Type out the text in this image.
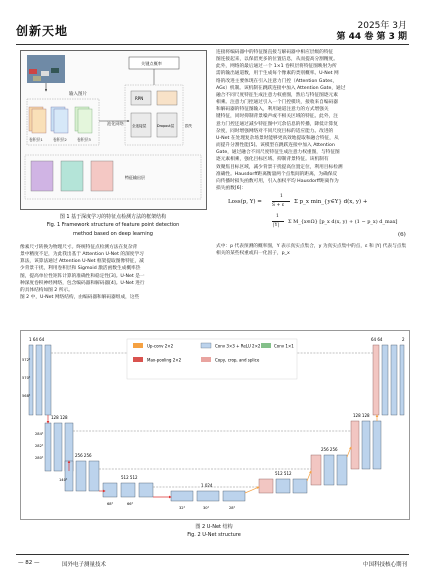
创新天地	2025年 3月
第 44 卷 第 3 期
输入图片
卷积层1	卷积层2	卷积层3
池化网络
关键点概率
RPN
全连接层	Dropout层	损失
特征输出层
图 1 基于深度学习的特征点检测方法的框架结构
Fig. 1 Framework structure of feature point detection
method based on deep learning
像素尺寸转换为物理尺寸。终统特征点检测方法在复杂背
景中精度不足，为此我出基于 Attention U-Net 的深度学习
算法，该算法通过 Attention U-Net 框架提取图像特征，减
少背景干扰，利用卷积层和 Sigmoid 激活函数生成概率热
图，提高单位性矩阵计算的准确性和稳定性[3]。U-Net 是一
种深度卷积神经网络，包含编码器和解码器[4]。U-Net 进行
的具体结构如图 2 所示。
图 2 中，U-Net 网络结构，由编码器和解码器组成，这些
连接将编码器中的特征图直接与解码器中相应层级的特征
图连接起来，以保留更多的位置信息，从而提高分割精度。
此外，网络的最后通过一个 1×1 卷积层将特征图映射为所
需的输出通道数，用于生成每个像素的类别概率。U-Net 网
络的改进主要体现在引入注意力门控（Attention Gates，
AGs）机制。该机制在跳跃连接中加入 Attention Gate，通过
融合不同尺度特征生成注意力权重图，然后与特征图逐元素
相乘。注意力门控通过引入一个门控模块，接收来自编码器
和解码器的特征图输入，利用通道注意力的方式增强关
键特征，同时抑制背景噪声或不相关区域的特征。此外，注
意力门控还通过减少特征图中冗余信息的传播，降低计算复
杂度，同时增强网络对不同尺度目标的适应能力。改进的
U-Net 在处理复杂场景时能够更高效地提取和融合特征，从
而提升分割性能[5]。该模型在跳跃连接中加入 Attention
Gate，通过融合不同尺度特征生成注意力权重图，与特征图
逐元素相乘，强化目标区域、抑制背景特征。该机制有
效聚焦目标区域，减少背景干扰提高位置定位，利用目标检测
准确性。Hausdorff距离衡量两个点集间的距离，为确保反
向传播时损失函数可用，引入加权平均 Hausdorff距离作为
损失函数[6]：
Loss(p, Y) =
1
S + ε
Σ p_x min_{y∈Y} d(x, y) +
1
|Y|
Σ M_{x∈Ω} [p_x d(x, y) + (1 − p_x) d_max]
(6)
式中：p 代表预测的概率图，Y 表示真实点集合，y 为真实点集中的点，ε 和 |Y| 代表与点集相关的某些权重或归一化因子，p_x
1 64 64
572²
570²
568²
128 128
284²
282²
280²	256 256
140²	512 512
68²	66²
1 024
32²	30²	28²
512 512
256 256
128 128
64 64	2
Up-conv 2×2	Conv 3×3 + ReLU 2×2	Conv 1×1
Max-pooling 2×2	Copy, crop, and splice
图 2 U-Net 结构
Fig. 2 U-Net structure
— 82 —	国外电子测量技术	中国科技核心期刊
